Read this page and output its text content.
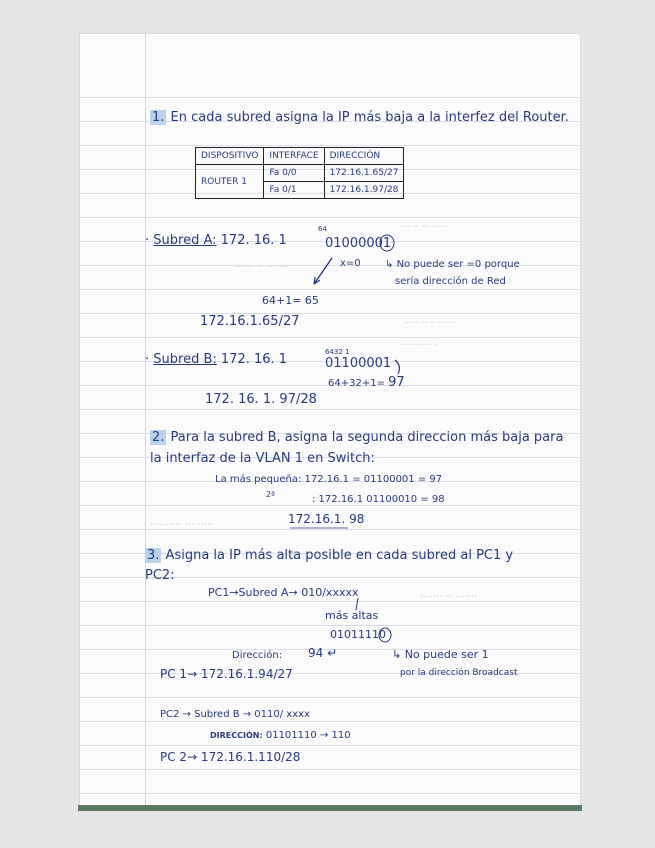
··· ·· ·· ·····
······ ·· ··· ···
···· ·· · ······
·· ······· ·
·········· ··· ·····
······· ·· ·······
1. En cada subred asigna la IP más baja a la interfez del Router.
DISPOSITIVO	INTERFACE	DIRECCIÓN
ROUTER 1	Fa 0/0	172.16.1.65/27
	Fa 0/1	172.16.1.97/28
· Subred A: 172. 16. 1
64
01000001
x=0 ↳ No puede ser =0 porque
sería dirección de Red
64+1= 65
172.16.1.65/27
· Subred B: 172. 16. 1	6432 1
01100001
64+32+1= 97
172. 16. 1. 97/28
2. Para la subred B, asigna la segunda direccion más baja para
la interfaz de la VLAN 1 en Switch:
La más pequeña: 172.16.1 = 01100001 = 97
2ª	: 172.16.1 01100010 = 98
172.16.1. 98
3. Asigna la IP más alta posible en cada subred al PC1 y
PC2:
PC1→Subred A→ 010/xxxxx
más altas
01011110
Dirección: 94 ↵	↳ No puede ser 1
por la dirección Broadcast
PC 1→ 172.16.1.94/27
PC2 → Subred B → 0110/ xxxx
DIRECCIÓN: 01101110 → 110
PC 2→ 172.16.1.110/28
